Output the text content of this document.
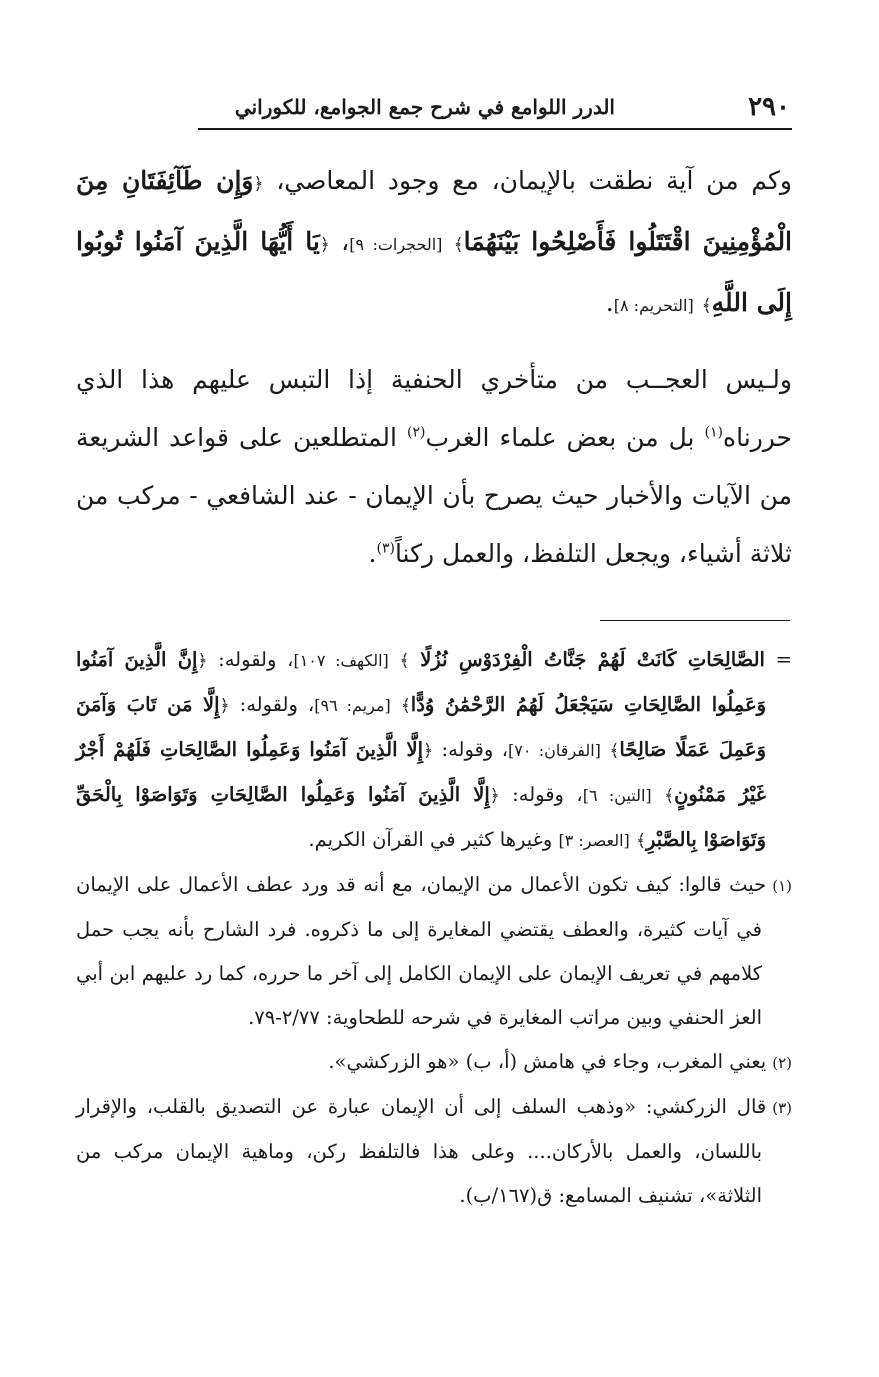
٢٩٠
الدرر اللوامع في شرح جمع الجوامع، للكوراني

وكم من آية نطقت بالإيمان، مع وجود المعاصي، ﴿وَإِن طَآئِفَتَانِ مِنَ الْمُؤْمِنِينَ اقْتَتَلُوا فَأَصْلِحُوا بَيْنَهُمَا﴾ [الحجرات: ٩]، ﴿يَا أَيُّهَا الَّذِينَ آمَنُوا تُوبُوا إِلَى اللَّهِ﴾ [التحريم: ٨].

ولـيس العجــب من متأخري الحنفية إذا التبس عليهم هذا الذي حررناه$^{(١)}$ بل من بعض علماء الغرب$^{(٢)}$ المتطلعين على قواعد الشريعة من الآيات والأخبار حيث يصرح بأن الإيمان - عند الشافعي - مركب من ثلاثة أشياء، ويجعل التلفظ، والعمل ركناً$^{(٣)}$.

= الصَّالِحَاتِ كَانَتْ لَهُمْ جَنَّاتُ الْفِرْدَوْسِ نُزُلًا ﴾ [الكهف: ١٠٧]، ولقوله: ﴿إِنَّ الَّذِينَ آمَنُوا وَعَمِلُوا الصَّالِحَاتِ سَيَجْعَلُ لَهُمُ الرَّحْمَٰنُ وُدًّا﴾ [مريم: ٩٦]، ولقوله: ﴿إِلَّا مَن تَابَ وَآمَنَ وَعَمِلَ عَمَلًا صَالِحًا﴾ [الفرقان: ٧٠]، وقوله: ﴿إِلَّا الَّذِينَ آمَنُوا وَعَمِلُوا الصَّالِحَاتِ فَلَهُمْ أَجْرٌ غَيْرُ مَمْنُونٍ﴾ [التين: ٦]، وقوله: ﴿إِلَّا الَّذِينَ آمَنُوا وَعَمِلُوا الصَّالِحَاتِ وَتَوَاصَوْا بِالْحَقِّ وَتَوَاصَوْا بِالصَّبْرِ﴾ [العصر: ٣] وغيرها كثير في القرآن الكريم.

(١)حيث قالوا: كيف تكون الأعمال من الإيمان، مع أنه قد ورد عطف الأعمال على الإيمان في آيات كثيرة، والعطف يقتضي المغايرة إلى ما ذكروه. فرد الشارح بأنه يجب حمل كلامهم في تعريف الإيمان على الإيمان الكامل إلى آخر ما حرره، كما رد عليهم ابن أبي العز الحنفي وبين مراتب المغايرة في شرحه للطحاوية: ٢/٧٧-٧٩.

(٢)يعني المغرب، وجاء في هامش (أ، ب) «هو الزركشي».

(٣)قال الزركشي: «وذهب السلف إلى أن الإيمان عبارة عن التصديق بالقلب، والإقرار باللسان، والعمل بالأركان.... وعلى هذا فالتلفظ ركن، وماهية الإيمان مركب من الثلاثة»، تشنيف المسامع: ق(١٦٧/ب).
